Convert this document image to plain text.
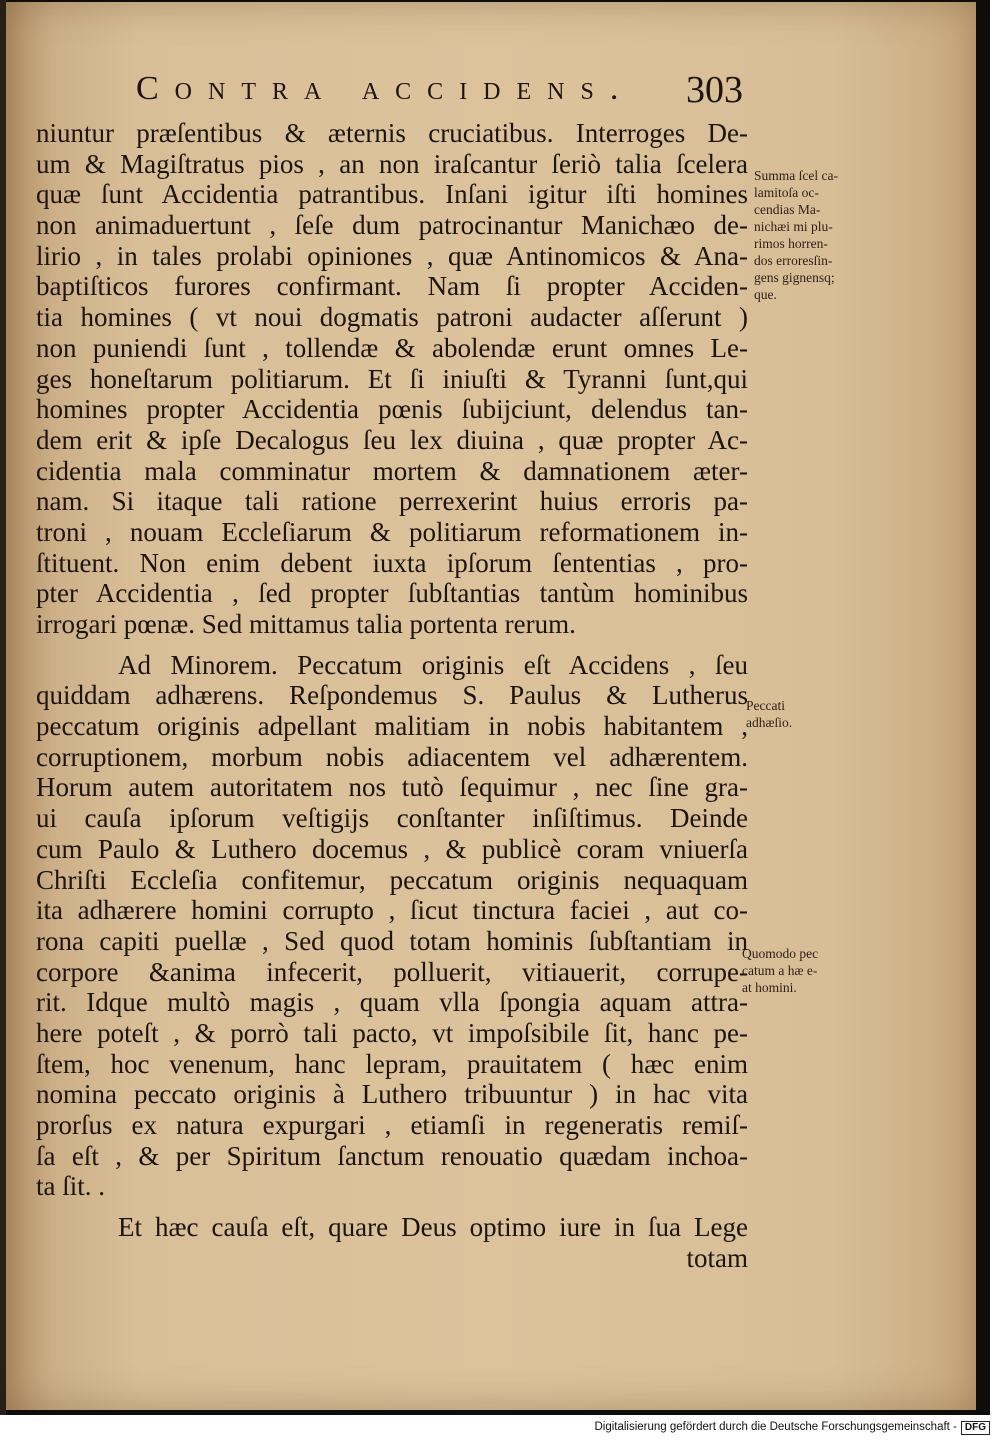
Contra accidens.	303
niuntur præſentibus & æternis cruciatibus. Interroges De-
um & Magiſtratus pios , an non iraſcantur ſeriò talia ſcelera
quæ ſunt Accidentia patrantibus. Inſani igitur iſti homines
non animaduertunt , ſeſe dum patrocinantur Manichæo de-
lirio , in tales prolabi opiniones , quæ Antinomicos & Ana-
baptiſticos furores confirmant. Nam ſi propter Acciden-
tia homines ( vt noui dogmatis patroni audacter aſſerunt )
non puniendi ſunt , tollendæ & abolendæ erunt omnes Le-
ges honeſtarum politiarum. Et ſi iniuſti & Tyranni ſunt,qui
homines propter Accidentia pœnis ſubijciunt, delendus tan-
dem erit & ipſe Decalogus ſeu lex diuina , quæ propter Ac-
cidentia mala comminatur mortem & damnationem æter-
nam. Si itaque tali ratione perrexerint huius erroris pa-
troni , nouam Eccleſiarum & politiarum reformationem in-
ſtituent. Non enim debent iuxta ipſorum ſententias , pro-
pter Accidentia , ſed propter ſubſtantias tantùm hominibus
irrogari pœnæ. Sed mittamus talia portenta rerum.
Ad Minorem. Peccatum originis eſt Accidens , ſeu
quiddam adhærens. Reſpondemus S. Paulus & Lutherus
peccatum originis adpellant malitiam in nobis habitantem ,
corruptionem, morbum nobis adiacentem vel adhærentem.
Horum autem autoritatem nos tutò ſequimur , nec ſine gra-
ui cauſa ipſorum veſtigijs conſtanter inſiſtimus. Deinde
cum Paulo & Luthero docemus , & publicè coram vniuerſa
Chriſti Eccleſia confitemur, peccatum originis nequaquam
ita adhærere homini corrupto , ſicut tinctura faciei , aut co-
rona capiti puellæ , Sed quod totam hominis ſubſtantiam in
corpore &anima infecerit, polluerit, vitiauerit, corrupe-
rit. Idque multò magis , quam vlla ſpongia aquam attra-
here poteſt , & porrò tali pacto, vt impoſsibile ſit, hanc pe-
ſtem, hoc venenum, hanc lepram, prauitatem ( hæc enim
nomina peccato originis à Luthero tribuuntur ) in hac vita
prorſus ex natura expurgari , etiamſi in regeneratis remiſ-
ſa eſt , & per Spiritum ſanctum renouatio quædam inchoa-
ta ſit. .
Et hæc cauſa eſt, quare Deus optimo iure in ſua Lege
totam
Summa ſcel ca-
lamitoſa oc-
cendias Ma-
nichæi mi plu-
rimos horren-
dos erroresſin-
gens gignensq;
que.
Peccati
adhæſio.
Quomodo pec
catum a hæ e-
at homini.
Digitalisierung gefördert durch die Deutsche Forschungsgemeinschaft - DFG
